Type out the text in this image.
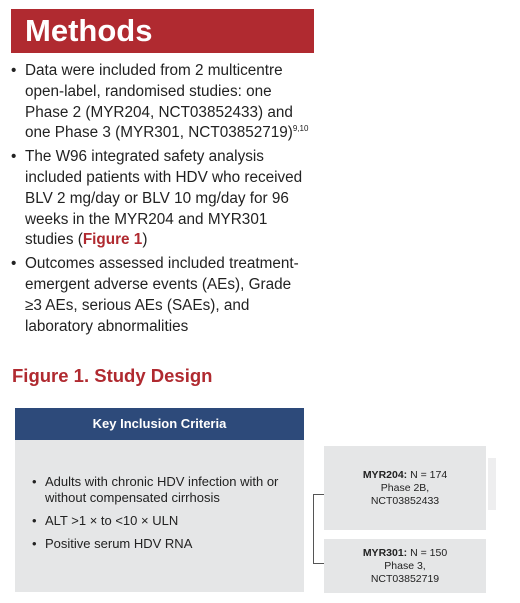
Methods
• Data were included from 2 multicentre open-label, randomised studies: one Phase 2 (MYR204, NCT03852433) and one Phase 3 (MYR301, NCT03852719)$^{9,10}$
• The W96 integrated safety analysis included patients with HDV who received BLV 2 mg/day or BLV 10 mg/day for 96 weeks in the MYR204 and MYR301 studies (Figure 1)
• Outcomes assessed included treatment-emergent adverse events (AEs), Grade ≥3 AEs, serious AEs (SAEs), and laboratory abnormalities
Figure 1. Study Design
Key Inclusion Criteria
• Adults with chronic HDV infection with or without compensated cirrhosis
• ALT >1 × to <10 × ULN
• Positive serum HDV RNA
MYR204: N = 174
Phase 2B,
NCT03852433
MYR301: N = 150
Phase 3,
NCT03852719
